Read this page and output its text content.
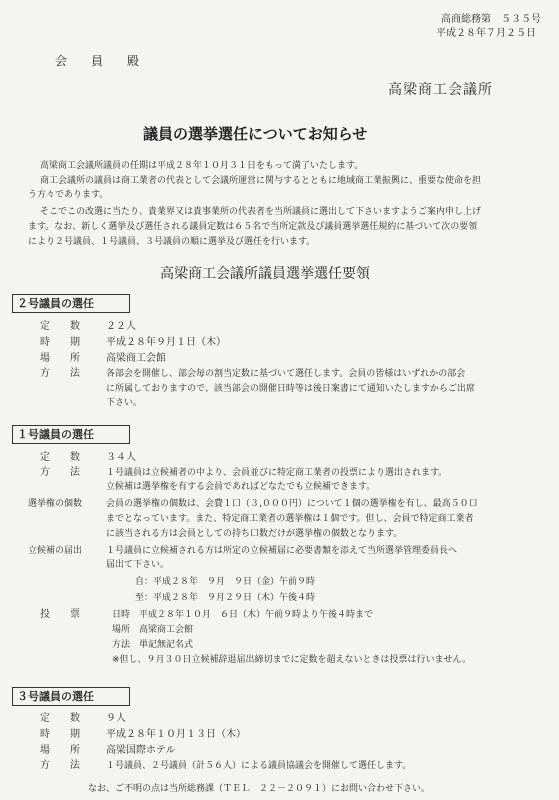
高商総務第　５３５号
平成２８年７月２５日
会　　員　　殿
高梁商工会議所
議員の選挙選任についてお知らせ
高梁商工会議所議員の任期は平成２８年１０月３１日をもって満了いたします。
商工会議所の議員は商工業者の代表として会議所運営に関与するとともに地域商工業振興に、重要な使命を担
う方々であります。
そこでこの改選に当たり、貴業界又は貴事業所の代表者を当所議員に選出して下さいますようご案内申し上げ
ます。なお、新しく選挙及び選任される議員定数は６５名で当所定款及び議員選挙選任規約に基づいて次の要領
により２号議員、１号議員、３号議員の順に選挙及び選任を行います。
高梁商工会議所議員選挙選任要領
２号議員の選任
定　　数	２２人
時　　期	平成２８年９月１日（木）
場　　所	高梁商工会館
方　　法	各部会を開催し、部会毎の割当定数に基づいて選任します。会員の皆様はいずれかの部会
に所属しておりますので、該当部会の開催日時等は後日案書にて通知いたしますからご出席
下さい。
１号議員の選任
定　　数	３４人
方　　法	１号議員は立候補者の中より、会員並びに特定商工業者の投票により選出されます。
立候補は選挙権を有する会員であればどなたでも立候補できます。
選挙権の個数	会員の選挙権の個数は、会費１口（３,０００円）について１個の選挙権を有し、最高５０口
までとなっています。また、特定商工業者の選挙権は１個です。但し、会員で特定商工業者
に該当される方は会員としての持ち口数だけが選挙権の個数となります。
立候補の届出	１号議員に立候補される方は所定の立候補届に必要書類を添えて当所選挙管理委員長へ
届出て下さい。
自：平成２８年　９月　９日（金）午前９時
至：平成２８年　９月２９日（木）午後４時
投　　票	日時　平成２８年１０月　６日（木）午前９時より午後４時まで
場所　高梁商工会館
方法　単記無記名式
※但し、９月３０日立候補辞退届出締切までに定数を超えないときは投票は行いません。
３号議員の選任
定　　数	９人
時　　期	平成２８年１０月１３日（木）
場　　所	高梁国際ホテル
方　　法	１号議員、２号議員（計５６人）による議員協議会を開催して選任します。
なお、ご不明の点は当所総務課（ＴＥＬ　２２－２０９１）にお問い合わせ下さい。
